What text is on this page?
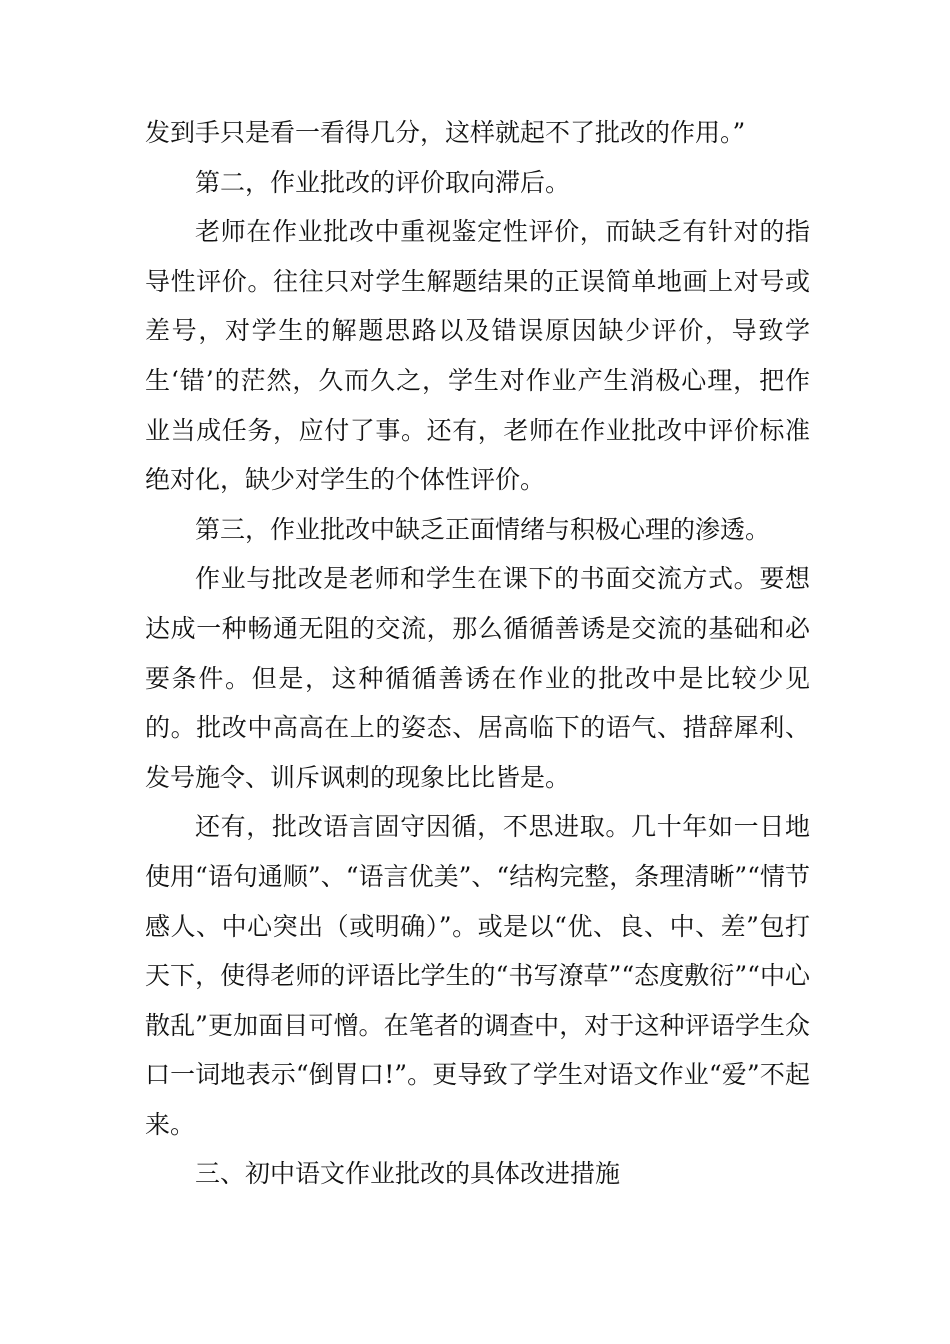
发到手只是看一看得几分，这样就起不了批改的作用。”

第二，作业批改的评价取向滞后。

老师在作业批改中重视鉴定性评价，而缺乏有针对的指导性评价。往往只对学生解题结果的正误简单地画上对号或差号，对学生的解题思路以及错误原因缺少评价，导致学生‘错’的茫然，久而久之，学生对作业产生消极心理，把作业当成任务，应付了事。还有，老师在作业批改中评价标准绝对化，缺少对学生的个体性评价。

第三，作业批改中缺乏正面情绪与积极心理的渗透。

作业与批改是老师和学生在课下的书面交流方式。要想达成一种畅通无阻的交流，那么循循善诱是交流的基础和必要条件。但是，这种循循善诱在作业的批改中是比较少见的。批改中高高在上的姿态、居高临下的语气、措辞犀利、发号施令、训斥讽刺的现象比比皆是。

还有，批改语言固守因循，不思进取。几十年如一日地使用“语句通顺”、“语言优美”、“结构完整，条理清晰”“情节感人、中心突出（或明确）”。或是以“优、良、中、差”包打天下，使得老师的评语比学生的“书写潦草”“态度敷衍”“中心散乱”更加面目可憎。在笔者的调查中，对于这种评语学生众口一词地表示“倒胃口!”。更导致了学生对语文作业“爱”不起来。

三、初中语文作业批改的具体改进措施
